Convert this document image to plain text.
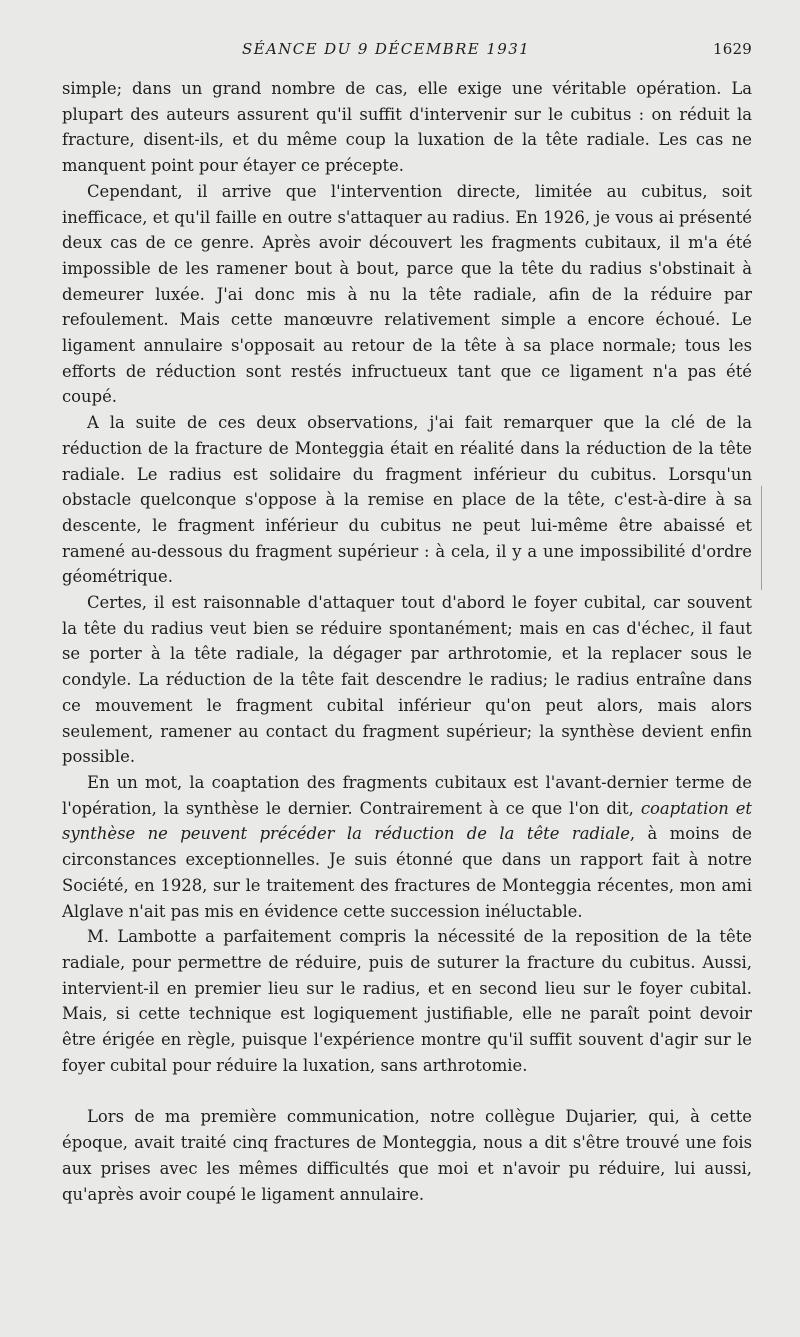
SÉANCE DU 9 DÉCEMBRE 1931	1629

simple; dans un grand nombre de cas, elle exige une véritable opération. La plupart des auteurs assurent qu'il suffit d'intervenir sur le cubitus : on réduit la fracture, disent-ils, et du même coup la luxation de la tête radiale. Les cas ne manquent point pour étayer ce précepte.

Cependant, il arrive que l'intervention directe, limitée au cubitus, soit inefficace, et qu'il faille en outre s'attaquer au radius. En 1926, je vous ai présenté deux cas de ce genre. Après avoir découvert les fragments cubitaux, il m'a été impossible de les ramener bout à bout, parce que la tête du radius s'obstinait à demeurer luxée. J'ai donc mis à nu la tête radiale, afin de la réduire par refoulement. Mais cette manœuvre relativement simple a encore échoué. Le ligament annulaire s'opposait au retour de la tête à sa place normale; tous les efforts de réduction sont restés infructueux tant que ce ligament n'a pas été coupé.

A la suite de ces deux observations, j'ai fait remarquer que la clé de la réduction de la fracture de Monteggia était en réalité dans la réduction de la tête radiale. Le radius est solidaire du fragment inférieur du cubitus. Lorsqu'un obstacle quelconque s'oppose à la remise en place de la tête, c'est-à-dire à sa descente, le fragment inférieur du cubitus ne peut lui-même être abaissé et ramené au-dessous du fragment supérieur : à cela, il y a une impossibilité d'ordre géométrique.

Certes, il est raisonnable d'attaquer tout d'abord le foyer cubital, car souvent la tête du radius veut bien se réduire spontanément; mais en cas d'échec, il faut se porter à la tête radiale, la dégager par arthrotomie, et la replacer sous le condyle. La réduction de la tête fait descendre le radius; le radius entraîne dans ce mouvement le fragment cubital inférieur qu'on peut alors, mais alors seulement, ramener au contact du fragment supérieur; la synthèse devient enfin possible.

En un mot, la coaptation des fragments cubitaux est l'avant-dernier terme de l'opération, la synthèse le dernier. Contrairement à ce que l'on dit, coaptation et synthèse ne peuvent précéder la réduction de la tête radiale, à moins de circonstances exceptionnelles. Je suis étonné que dans un rapport fait à notre Société, en 1928, sur le traitement des fractures de Monteggia récentes, mon ami Alglave n'ait pas mis en évidence cette succession inéluctable.

M. Lambotte a parfaitement compris la nécessité de la reposition de la tête radiale, pour permettre de réduire, puis de suturer la fracture du cubitus. Aussi, intervient-il en premier lieu sur le radius, et en second lieu sur le foyer cubital. Mais, si cette technique est logiquement justifiable, elle ne paraît point devoir être érigée en règle, puisque l'expérience montre qu'il suffit souvent d'agir sur le foyer cubital pour réduire la luxation, sans arthrotomie.

Lors de ma première communication, notre collègue Dujarier, qui, à cette époque, avait traité cinq fractures de Monteggia, nous a dit s'être trouvé une fois aux prises avec les mêmes difficultés que moi et n'avoir pu réduire, lui aussi, qu'après avoir coupé le ligament annulaire.
